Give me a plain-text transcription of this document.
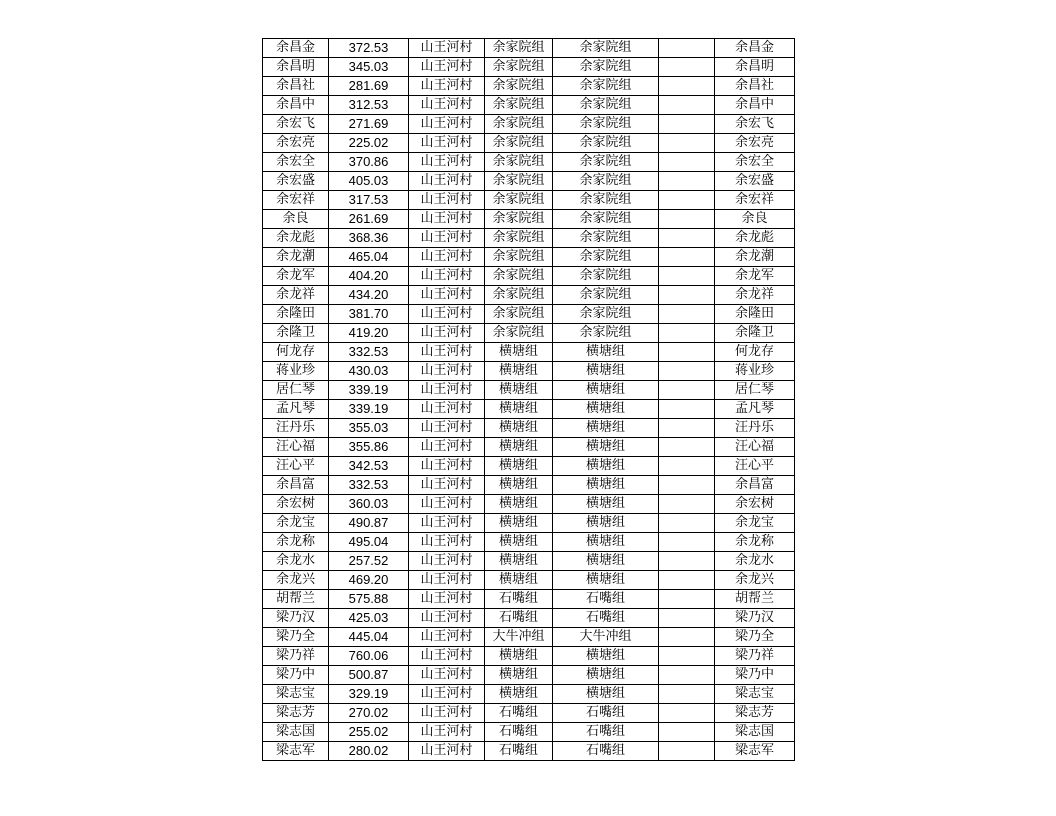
余昌金	372.53	山王河村	余家院组	余家院组		余昌金
余昌明	345.03	山王河村	余家院组	余家院组		余昌明
余昌社	281.69	山王河村	余家院组	余家院组		余昌社
余昌中	312.53	山王河村	余家院组	余家院组		余昌中
余宏飞	271.69	山王河村	余家院组	余家院组		余宏飞
余宏亮	225.02	山王河村	余家院组	余家院组		余宏亮
余宏全	370.86	山王河村	余家院组	余家院组		余宏全
余宏盛	405.03	山王河村	余家院组	余家院组		余宏盛
余宏祥	317.53	山王河村	余家院组	余家院组		余宏祥
余良	261.69	山王河村	余家院组	余家院组		余良
余龙彪	368.36	山王河村	余家院组	余家院组		余龙彪
余龙潮	465.04	山王河村	余家院组	余家院组		余龙潮
余龙军	404.20	山王河村	余家院组	余家院组		余龙军
余龙祥	434.20	山王河村	余家院组	余家院组		余龙祥
余隆田	381.70	山王河村	余家院组	余家院组		余隆田
余隆卫	419.20	山王河村	余家院组	余家院组		余隆卫
何龙存	332.53	山王河村	横塘组	横塘组		何龙存
蒋业珍	430.03	山王河村	横塘组	横塘组		蒋业珍
居仁琴	339.19	山王河村	横塘组	横塘组		居仁琴
孟凡琴	339.19	山王河村	横塘组	横塘组		孟凡琴
汪丹乐	355.03	山王河村	横塘组	横塘组		汪丹乐
汪心福	355.86	山王河村	横塘组	横塘组		汪心福
汪心平	342.53	山王河村	横塘组	横塘组		汪心平
余昌富	332.53	山王河村	横塘组	横塘组		余昌富
余宏树	360.03	山王河村	横塘组	横塘组		余宏树
余龙宝	490.87	山王河村	横塘组	横塘组		余龙宝
余龙称	495.04	山王河村	横塘组	横塘组		余龙称
余龙水	257.52	山王河村	横塘组	横塘组		余龙水
余龙兴	469.20	山王河村	横塘组	横塘组		余龙兴
胡帮兰	575.88	山王河村	石嘴组	石嘴组		胡帮兰
梁乃汉	425.03	山王河村	石嘴组	石嘴组		梁乃汉
梁乃全	445.04	山王河村	大牛冲组	大牛冲组		梁乃全
梁乃祥	760.06	山王河村	横塘组	横塘组		梁乃祥
梁乃中	500.87	山王河村	横塘组	横塘组		梁乃中
梁志宝	329.19	山王河村	横塘组	横塘组		梁志宝
梁志芳	270.02	山王河村	石嘴组	石嘴组		梁志芳
梁志国	255.02	山王河村	石嘴组	石嘴组		梁志国
梁志军	280.02	山王河村	石嘴组	石嘴组		梁志军
